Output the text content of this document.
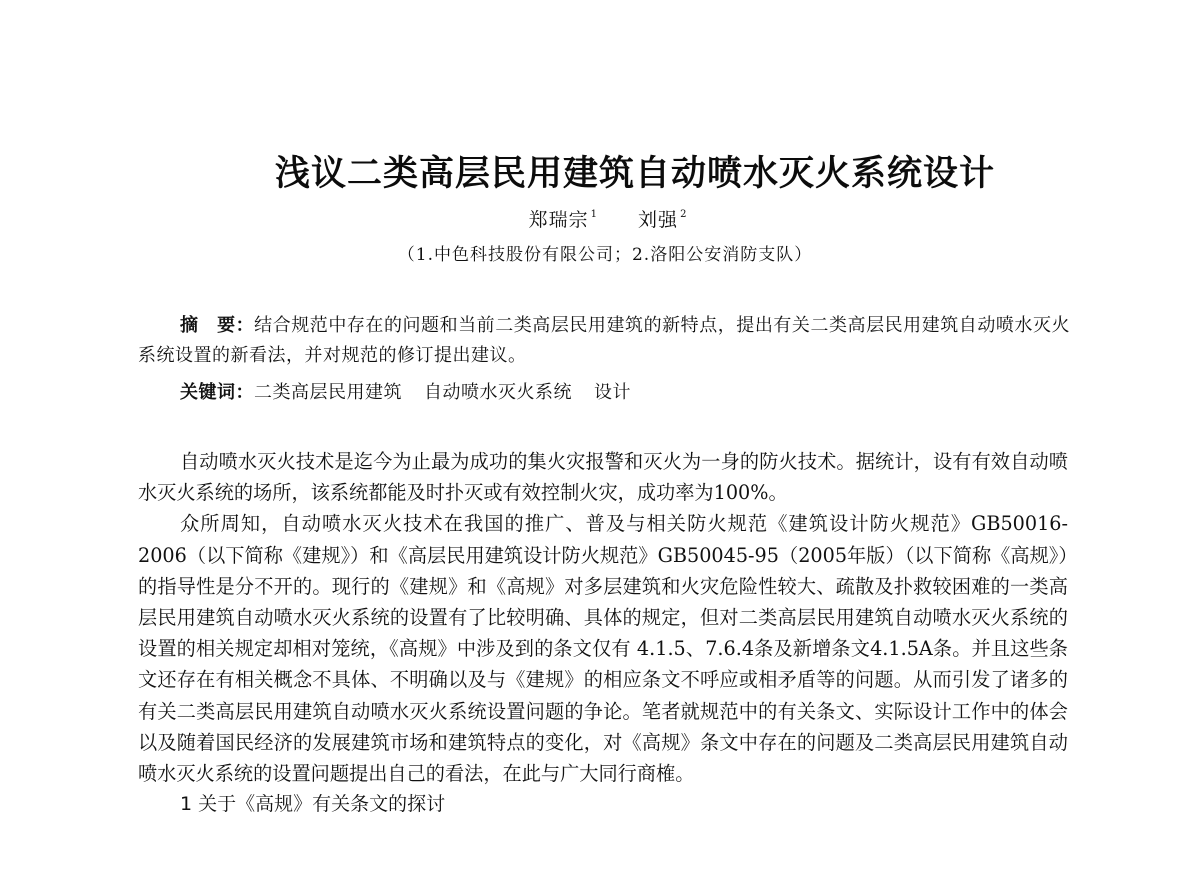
浅议二类高层民用建筑自动喷水灭火系统设计
郑瑞宗 $^1$ 刘强 $^2$
（1.中色科技股份有限公司；2.洛阳公安消防支队）
摘　要：结合规范中存在的问题和当前二类高层民用建筑的新特点，提出有关二类高层民用建筑自动喷水灭火系统设置的新看法，并对规范的修订提出建议。
关键词：二类高层民用建筑 自动喷水灭火系统 设计

自动喷水灭火技术是迄今为止最为成功的集火灾报警和灭火为一身的防火技术。据统计，设有有效自动喷水灭火系统的场所，该系统都能及时扑灭或有效控制火灾，成功率为100%。

众所周知，自动喷水灭火技术在我国的推广、普及与相关防火规范《建筑设计防火规范》GB50016-2006（以下简称《建规》）和《高层民用建筑设计防火规范》GB50045-95（2005年版）（以下简称《高规》）的指导性是分不开的。现行的《建规》和《高规》对多层建筑和火灾危险性较大、疏散及扑救较困难的一类高层民用建筑自动喷水灭火系统的设置有了比较明确、具体的规定，但对二类高层民用建筑自动喷水灭火系统的设置的相关规定却相对笼统，《高规》中涉及到的条文仅有 4.1.5、7.6.4条及新增条文4.1.5A条。并且这些条文还存在有相关概念不具体、不明确以及与《建规》的相应条文不呼应或相矛盾等的问题。从而引发了诸多的有关二类高层民用建筑自动喷水灭火系统设置问题的争论。笔者就规范中的有关条文、实际设计工作中的体会以及随着国民经济的发展建筑市场和建筑特点的变化，对《高规》条文中存在的问题及二类高层民用建筑自动喷水灭火系统的设置问题提出自己的看法，在此与广大同行商榷。

1 关于《高规》有关条文的探讨
